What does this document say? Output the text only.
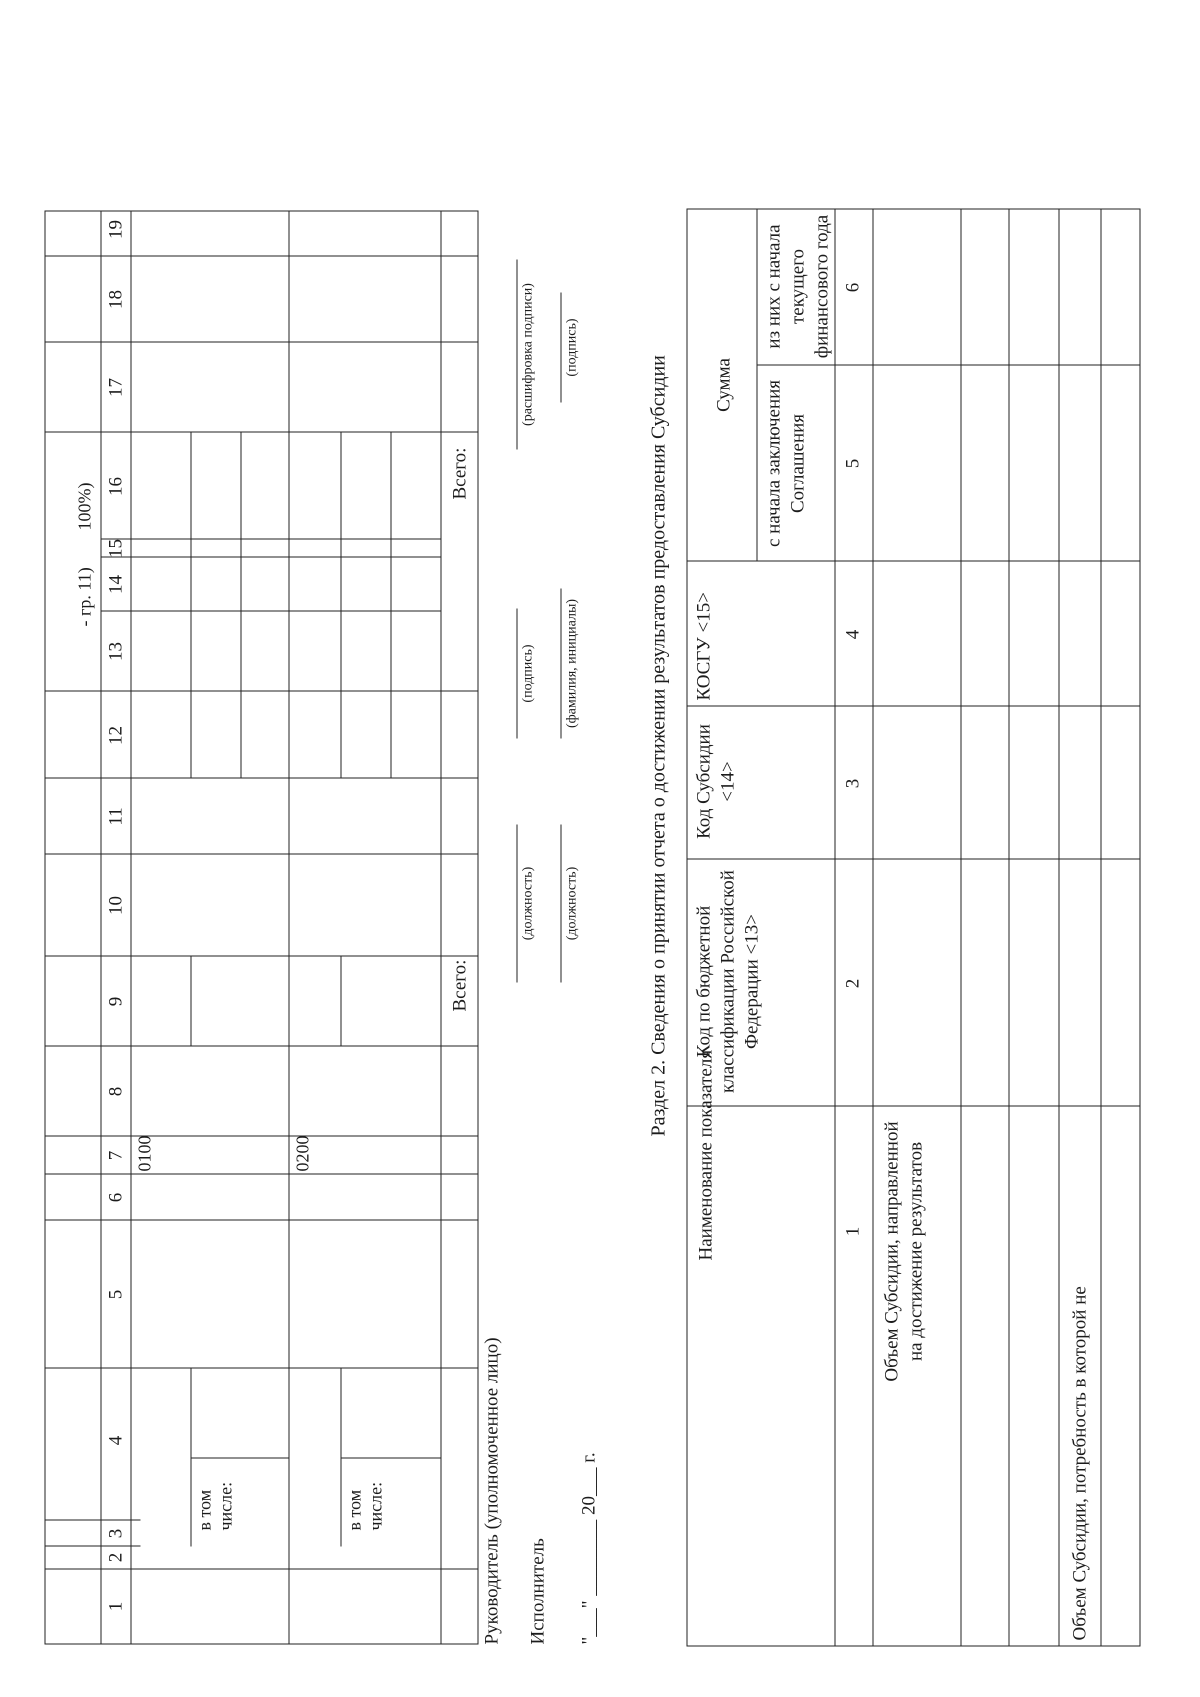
- гр. 11)
100%)
1
2
3
4
5
6
7
8
9
10
11
12
13
14
15
16
17
18
19
0100
в том числе:
0200
в том числе:
Всего:
Всего:
Руководитель (уполномоченное лицо) Исполнитель "___" ________ 20___ г.
(должность)
(подпись)
(расшифровка подписи)
(должность)
(фамилия, инициалы)
(подпись)
Раздел 2. Сведения о принятии отчета о достижении результатов предоставления Субсидии
Наименование показателя
Код по бюджетной классификации Российской Федерации <13>
Код Субсидии <14>
КОСГУ <15>
Сумма с начала заключения Соглашения
из них с начала текущего финансового года
1
2
3
4
5
6
Объем Субсидии, направленной на достижение результатов
Объем Субсидии, потребность в которой не
